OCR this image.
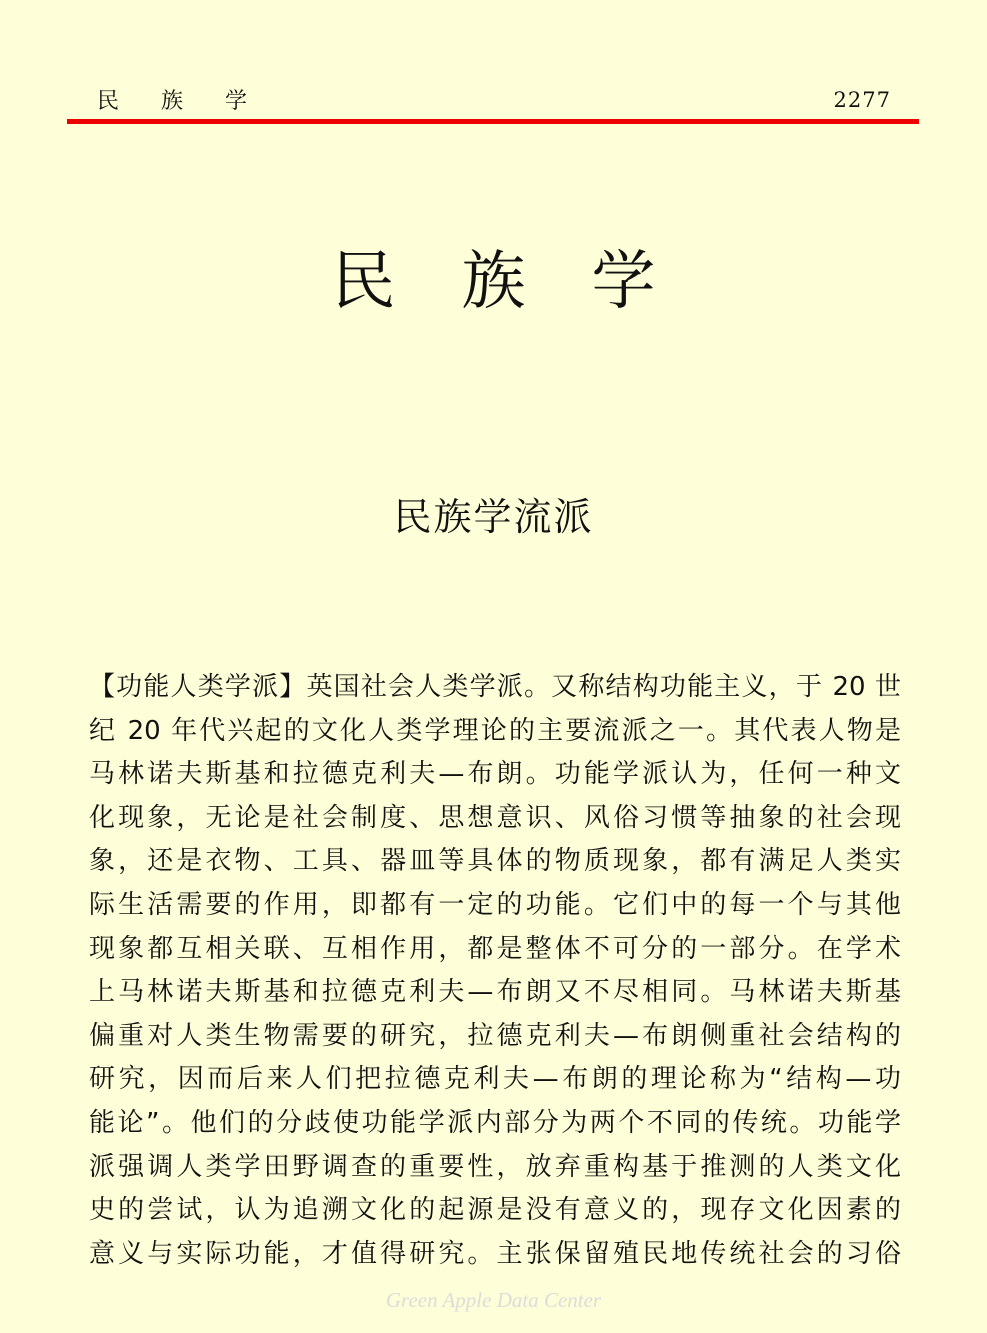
民族学	2277
民族学
民族学流派
【功能人类学派】英国社会人类学派。又称结构功能主义，于 20 世
纪 20 年代兴起的文化人类学理论的主要流派之一。其代表人物是
马林诺夫斯基和拉德克利夫—布朗。功能学派认为，任何一种文
化现象，无论是社会制度、思想意识、风俗习惯等抽象的社会现
象，还是衣物、工具、器皿等具体的物质现象，都有满足人类实
际生活需要的作用，即都有一定的功能。它们中的每一个与其他
现象都互相关联、互相作用，都是整体不可分的一部分。在学术
上马林诺夫斯基和拉德克利夫—布朗又不尽相同。马林诺夫斯基
偏重对人类生物需要的研究，拉德克利夫—布朗侧重社会结构的
研究，因而后来人们把拉德克利夫—布朗的理论称为“结构—功
能论”。他们的分歧使功能学派内部分为两个不同的传统。功能学
派强调人类学田野调查的重要性，放弃重构基于推测的人类文化
史的尝试，认为追溯文化的起源是没有意义的，现存文化因素的
意义与实际功能，才值得研究。主张保留殖民地传统社会的习俗
Green Apple Data Center
